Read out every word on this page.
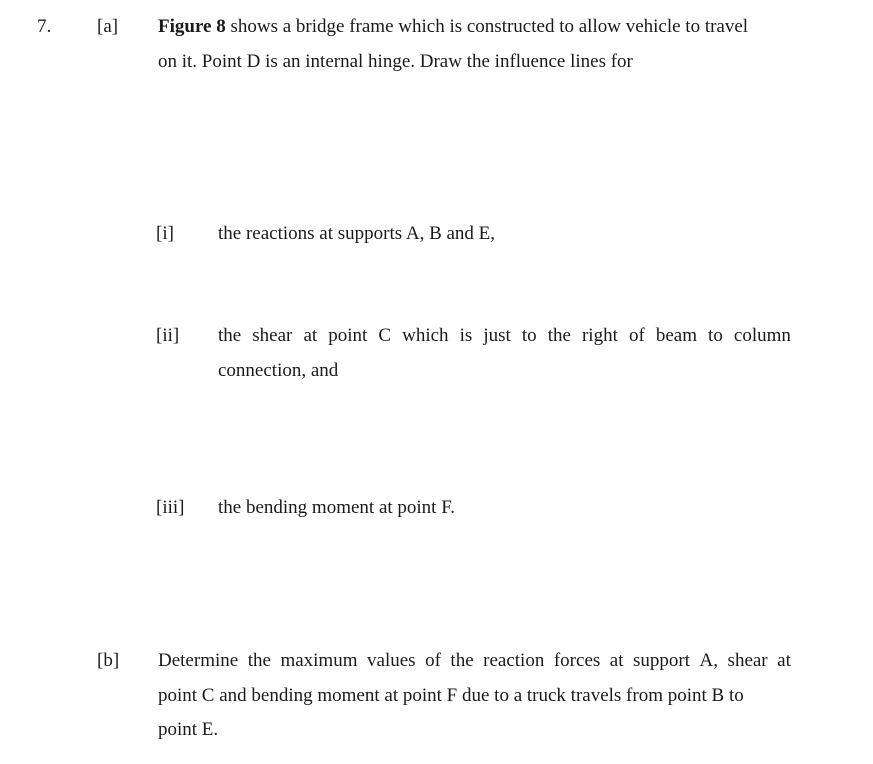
7. [a] Figure 8 shows a bridge frame which is constructed to allow vehicle to travel
on it. Point D is an internal hinge. Draw the influence lines for
[i] the reactions at supports A, B and E,
[ii] the shear at point C which is just to the right of beam to column
connection, and
[iii] the bending moment at point F.
[b] Determine the maximum values of the reaction forces at support A, shear at
point C and bending moment at point F due to a truck travels from point B to
point E.
